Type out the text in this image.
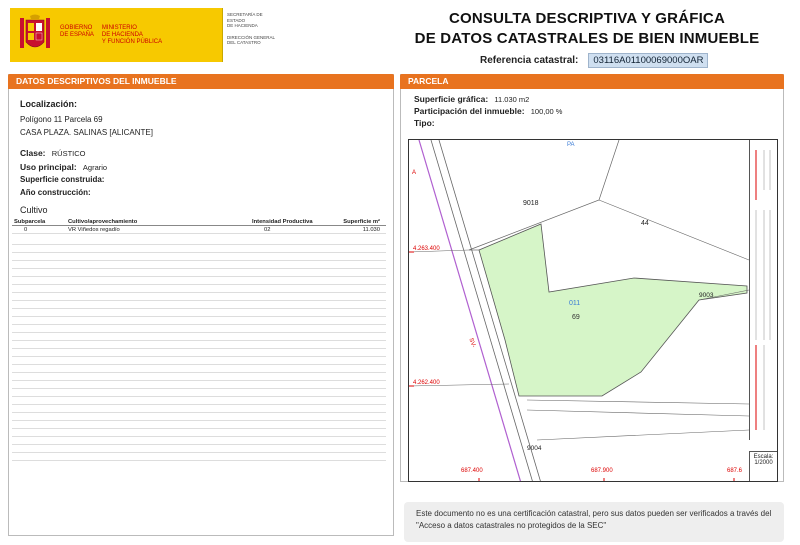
GOBIERNO
DE ESPAÑA
MINISTERIO
DE HACIENDA
Y FUNCIÓN PÚBLICA
SECRETARÍA DE ESTADO
DE HACIENDA
DIRECCIÓN GENERAL
DEL CATASTRO
CONSULTA DESCRIPTIVA Y GRÁFICA
DE DATOS CATASTRALES DE BIEN INMUEBLE
Referencia catastral:	03116A01100069000OAR
DATOS DESCRIPTIVOS DEL INMUEBLE
Localización:
Polígono 11 Parcela 69
CASA PLAZA. SALINAS [ALICANTE]
Clase: RÚSTICO
Uso principal: Agrario
Superficie construida:
Año construcción:
Cultivo
Subparcela	Cultivo/aprovechamiento	Intensidad Productiva	Superficie m²
0	VR Viñedos regadío	02	11.030
PARCELA
Superficie gráfica: 11.030 m2
Participación del inmueble: 100,00 %
Tipo:
4.263.400
4.262.400
687.400	687.900	687.6
011
69
9018
44
9003
9004
PA
A
SV-
Escala:
1/2000
Este documento no es una certificación catastral, pero sus datos pueden ser verificados a través del "Acceso a datos catastrales no protegidos de la SEC"
